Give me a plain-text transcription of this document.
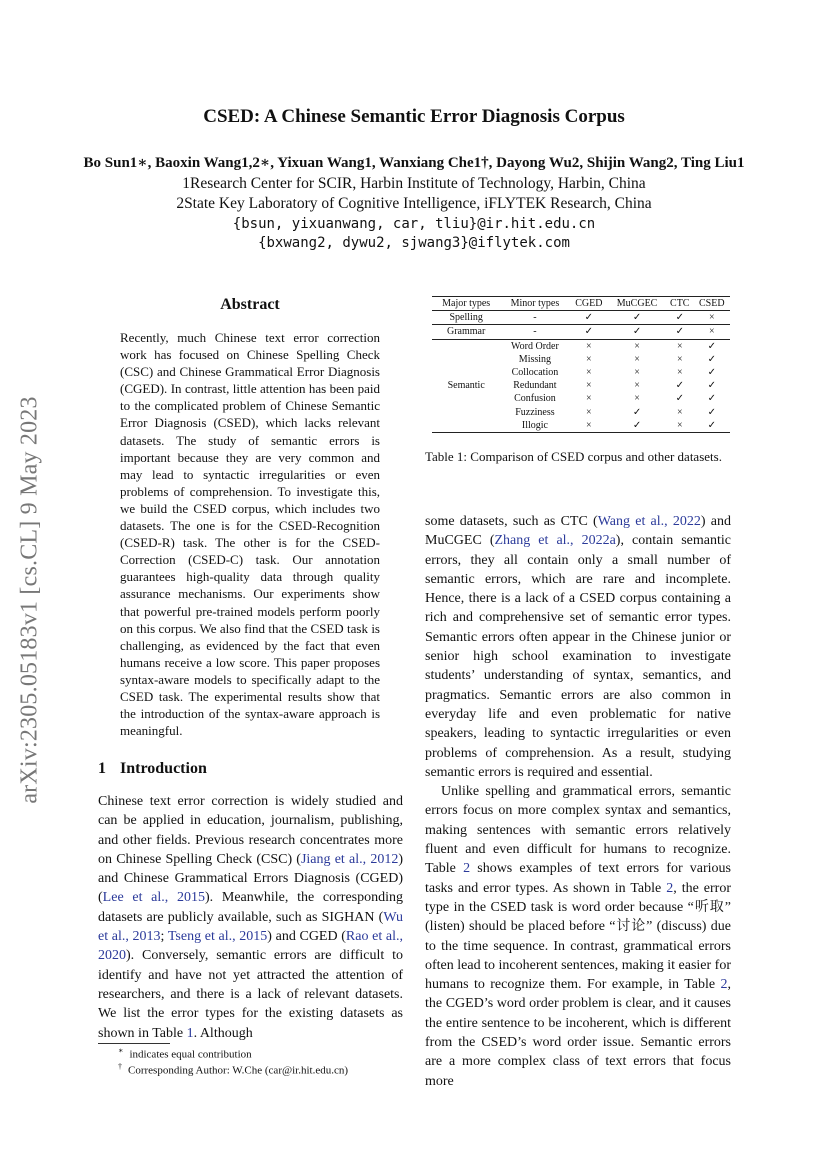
CSED: A Chinese Semantic Error Diagnosis Corpus
Bo Sun1∗, Baoxin Wang1,2∗, Yixuan Wang1, Wanxiang Che1†, Dayong Wu2, Shijin Wang2, Ting Liu1
1Research Center for SCIR, Harbin Institute of Technology, Harbin, China
2State Key Laboratory of Cognitive Intelligence, iFLYTEK Research, China
{bsun, yixuanwang, car, tliu}@ir.hit.edu.cn
{bxwang2, dywu2, sjwang3}@iflytek.com
arXiv:2305.05183v1 [cs.CL] 9 May 2023
Abstract
Recently, much Chinese text error correction work has focused on Chinese Spelling Check (CSC) and Chinese Grammatical Error Diagnosis (CGED). In contrast, little attention has been paid to the complicated problem of Chinese Semantic Error Diagnosis (CSED), which lacks relevant datasets. The study of semantic errors is important because they are very common and may lead to syntactic irregularities or even problems of comprehension. To investigate this, we build the CSED corpus, which includes two datasets. The one is for the CSED-Recognition (CSED-R) task. The other is for the CSED-Correction (CSED-C) task. Our annotation guarantees high-quality data through quality assurance mechanisms. Our experiments show that powerful pre-trained models perform poorly on this corpus. We also find that the CSED task is challenging, as evidenced by the fact that even humans receive a low score. This paper proposes syntax-aware models to specifically adapt to the CSED task. The experimental results show that the introduction of the syntax-aware approach is meaningful.
1 Introduction
Chinese text error correction is widely studied and can be applied in education, journalism, publishing, and other fields. Previous research concentrates more on Chinese Spelling Check (CSC) (Jiang et al., 2012) and Chinese Grammatical Errors Diagnosis (CGED) (Lee et al., 2015). Meanwhile, the corresponding datasets are publicly available, such as SIGHAN (Wu et al., 2013; Tseng et al., 2015) and CGED (Rao et al., 2020). Conversely, semantic errors are difficult to identify and have not yet attracted the attention of researchers, and there is a lack of relevant datasets. We list the error types for the existing datasets as shown in Table 1. Although
∗ indicates equal contribution
† Corresponding Author: W.Che (car@ir.hit.edu.cn)
Major types	Minor types	CGED	MuCGEC	CTC	CSED
Spelling	-	✓	✓	✓	×
Grammar	-	✓	✓	✓	×
	Word Order	×	×	×	✓
	Missing	×	×	×	✓
	Collocation	×	×	×	✓
Semantic	Redundant	×	×	✓	✓
	Confusion	×	×	✓	✓
	Fuzziness	×	✓	×	✓
	Illogic	×	✓	×	✓
Table 1: Comparison of CSED corpus and other datasets.

some datasets, such as CTC (Wang et al., 2022) and MuCGEC (Zhang et al., 2022a), contain semantic errors, they all contain only a small number of semantic errors, which are rare and incomplete. Hence, there is a lack of a CSED corpus containing a rich and comprehensive set of semantic error types. Semantic errors often appear in the Chinese junior or senior high school examination to investigate students’ understanding of syntax, semantics, and pragmatics. Semantic errors are also common in everyday life and even problematic for native speakers, leading to syntactic irregularities or even problems of comprehension. As a result, studying semantic errors is required and essential.

Unlike spelling and grammatical errors, semantic errors focus on more complex syntax and semantics, making sentences with semantic errors relatively fluent and even difficult for humans to recognize. Table 2 shows examples of text errors for various tasks and error types. As shown in Table 2, the error type in the CSED task is word order because “听取” (listen) should be placed before “讨论” (discuss) due to the time sequence. In contrast, grammatical errors often lead to incoherent sentences, making it easier for humans to recognize them. For example, in Table 2, the CGED’s word order problem is clear, and it causes the entire sentence to be incoherent, which is different from the CSED’s word order issue. Semantic errors are a more complex class of text errors that focus more
